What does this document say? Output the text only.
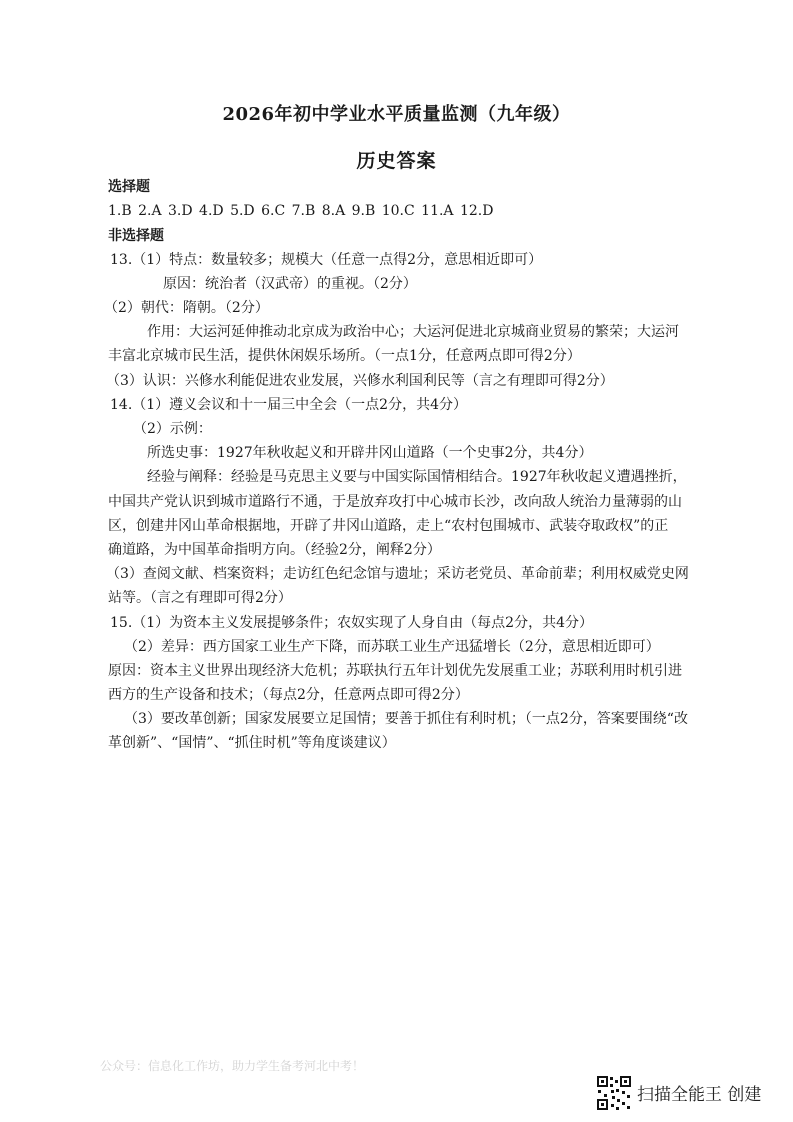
2026年初中学业水平质量监测（九年级）
历史答案
选择题
1.B 2.A 3.D 4.D 5.D 6.C 7.B 8.A 9.B 10.C 11.A 12.D
非选择题
13.（1）特点：数量较多；规模大（任意一点得2分，意思相近即可）
原因：统治者（汉武帝）的重视。（2分）
（2）朝代：隋朝。（2分）
作用：大运河延伸推动北京成为政治中心；大运河促进北京城商业贸易的繁荣；大运河
丰富北京城市民生活，提供休闲娱乐场所。（一点1分，任意两点即可得2分）
（3）认识：兴修水利能促进农业发展，兴修水利国利民等（言之有理即可得2分）
14.（1）遵义会议和十一届三中全会（一点2分，共4分）
（2）示例：
所选史事：1927年秋收起义和开辟井冈山道路（一个史事2分，共4分）
经验与阐释：经验是马克思主义要与中国实际国情相结合。1927年秋收起义遭遇挫折，
中国共产党认识到城市道路行不通，于是放弃攻打中心城市长沙，改向敌人统治力量薄弱的山
区，创建井冈山革命根据地，开辟了井冈山道路，走上“农村包围城市、武装夺取政权”的正
确道路，为中国革命指明方向。（经验2分，阐释2分）
（3）查阅文献、档案资料；走访红色纪念馆与遗址；采访老党员、革命前辈；利用权威党史网
站等。（言之有理即可得2分）
15.（1）为资本主义发展提够条件；农奴实现了人身自由（每点2分，共4分）
（2）差异：西方国家工业生产下降，而苏联工业生产迅猛增长（2分，意思相近即可）
原因：资本主义世界出现经济大危机；苏联执行五年计划优先发展重工业；苏联利用时机引进
西方的生产设备和技术；（每点2分，任意两点即可得2分）
（3）要改革创新；国家发展要立足国情；要善于抓住有利时机；（一点2分，答案要围绕“改
革创新”、“国情”、“抓住时机”等角度谈建议）
公众号：信息化工作坊，助力学生备考河北中考！
扫描全能王 创建
